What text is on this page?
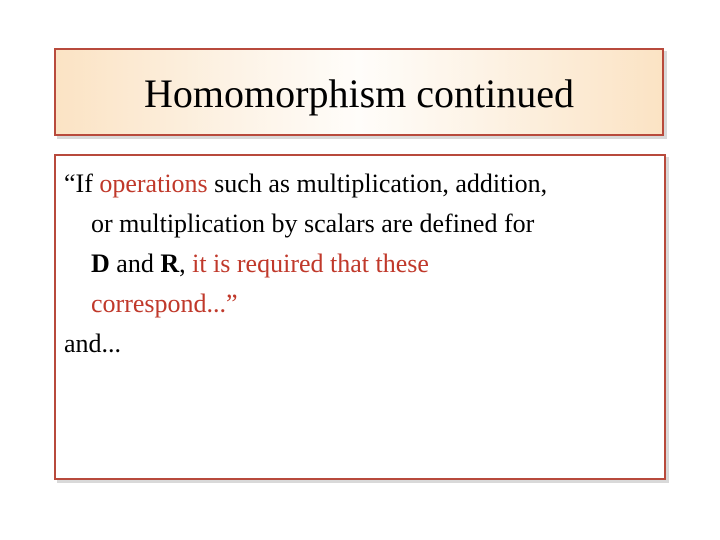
Homomorphism continued
“If operations such as multiplication, addition,
or multiplication by scalars are defined for
D and R, it is required that these
correspond...”
and...
